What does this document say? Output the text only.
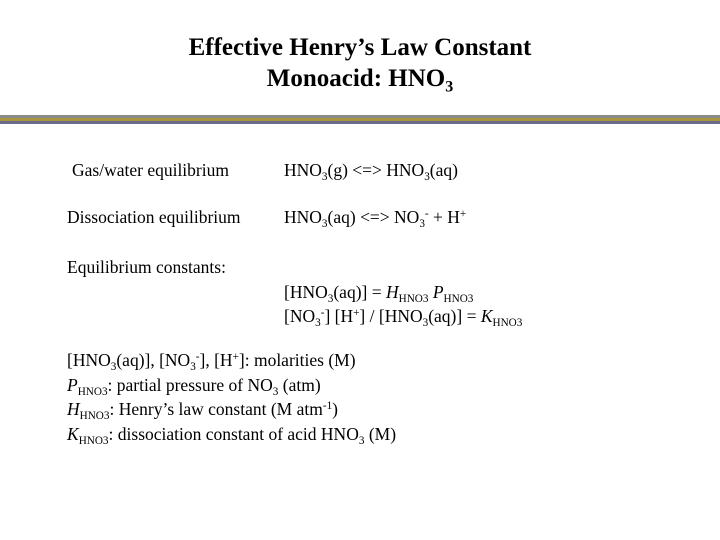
Effective Henry’s Law Constant
Monoacid: $HNO_3$
Gas/water equilibrium	$HNO_3(g)$ <=> $HNO_3(aq)$
Dissociation equilibrium $HNO_3(aq)$ <=> $NO_3^- + H^+$
Equilibrium constants:
$[HNO_3(aq)] = H_{HNO3}$ $P_{HNO3}$
$[NO_3^-]$ $[H^+] / [HNO_3(aq)] = K_{HNO3}$
$[HNO_3(aq)]$, $[NO_3^-]$, [H+]: molarities (M)
$P_{HNO3}$: partial pressure of $NO_3$ (atm)
$H_{HNO3}$: Henry’s law constant (M atm$^{-1}$)
$K_{HNO3}$: dissociation constant of acid $HNO_3$ (M)
